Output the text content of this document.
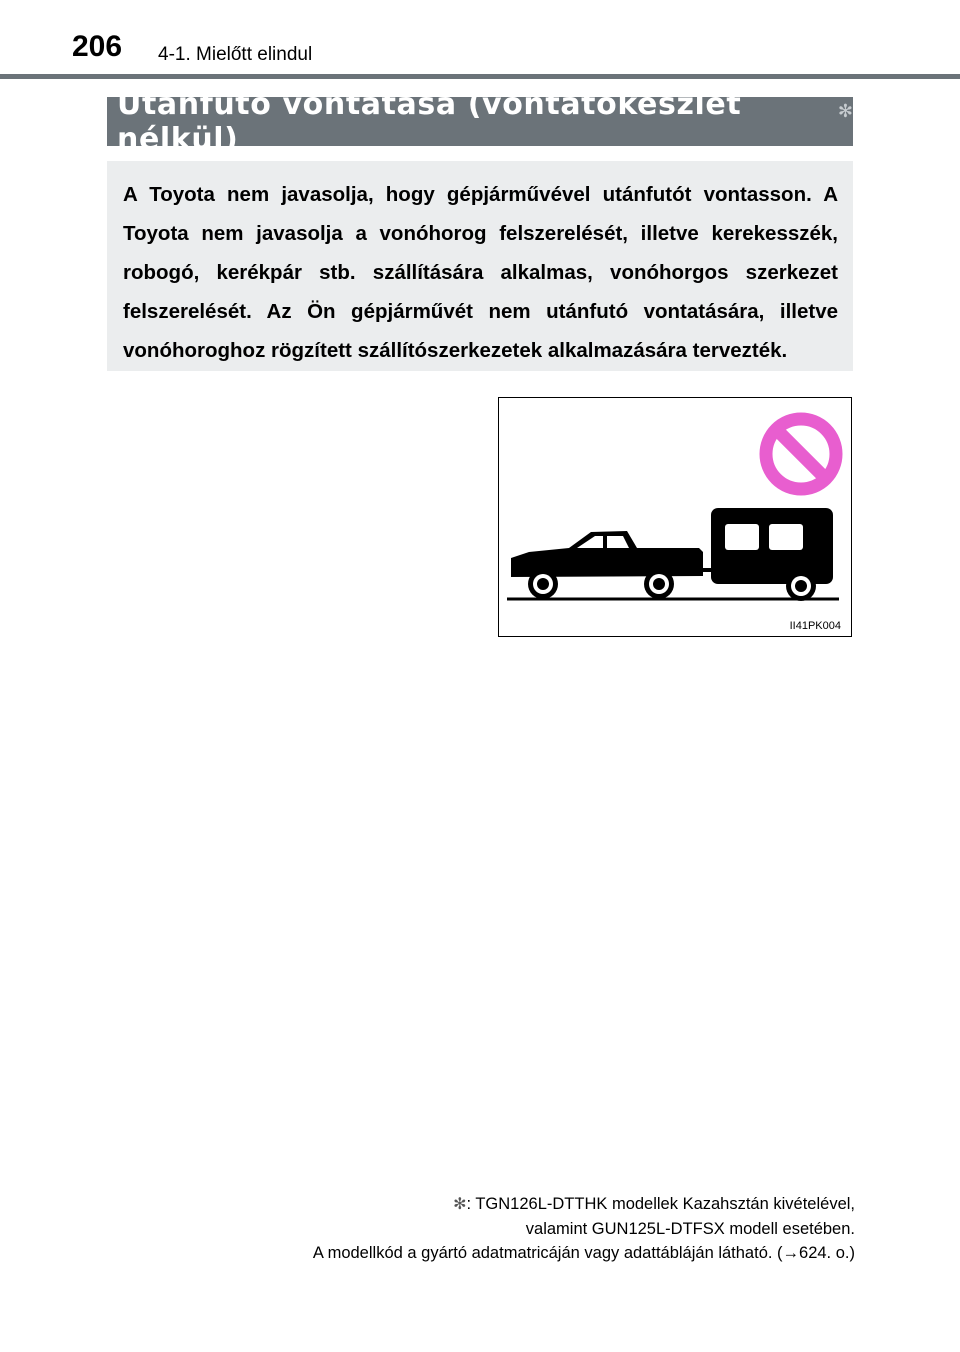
206 4-1. Mielőtt elindul
Utánfutó vontatása (vontatókészlet nélkül)
✻

A Toyota nem javasolja, hogy gépjárművével utánfutót vontasson. A Toyota nem javasolja a vonóhorog felszerelését, illetve kerekesszék, robogó, kerékpár stb. szállítására alkalmas, vonóhorgos szerkezet felszerelését. Az Ön gépjárművét nem utánfutó vontatására, illetve vonóhoroghoz rögzített szállítószerkezetek alkalmazására tervezték.

II41PK004
✻: TGN126L-DTTHK modellek Kazahsztán kivételével,
valamint GUN125L-DTFSX modell esetében.
A modellkód a gyártó adatmatricáján vagy adattábláján látható. (→624. o.)
